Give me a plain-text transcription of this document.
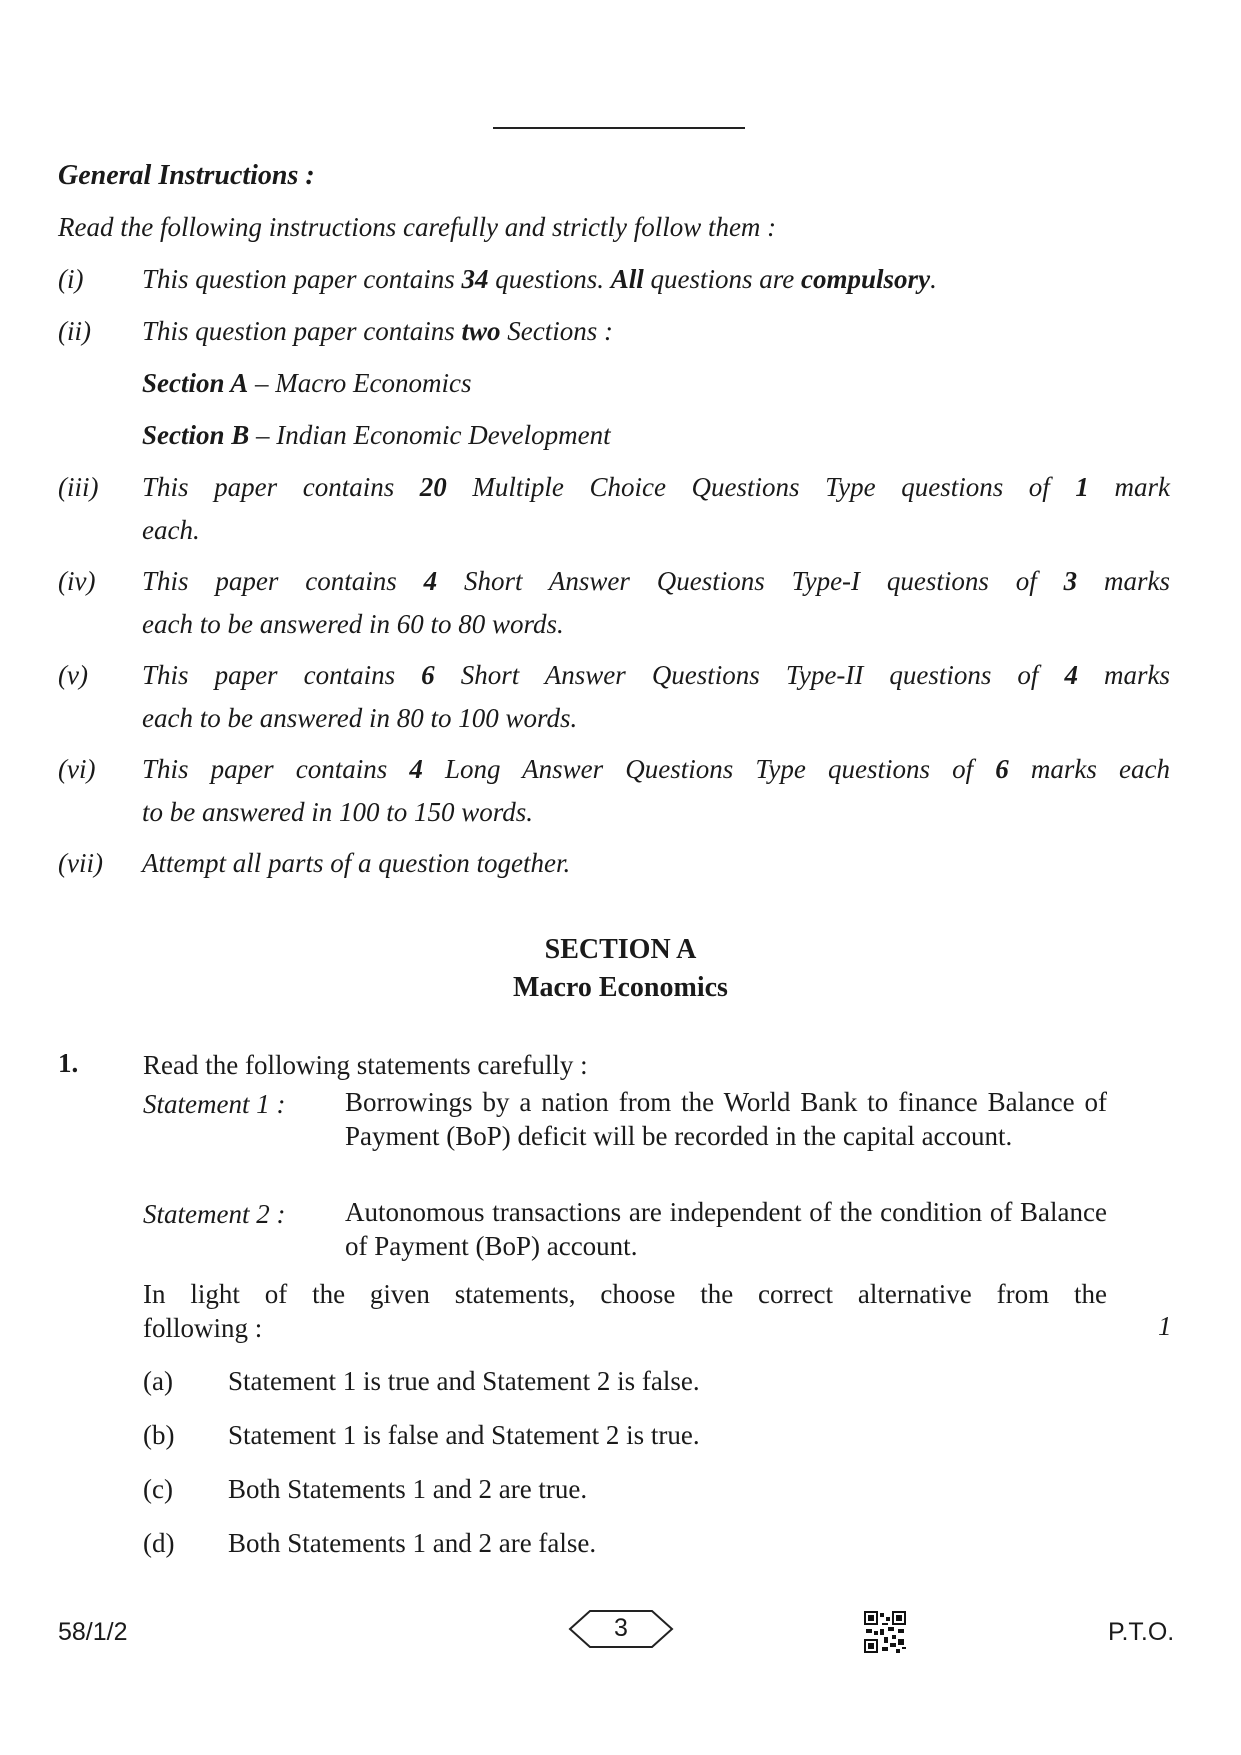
General Instructions :
Read the following instructions carefully and strictly follow them :
(i) This question paper contains 34 questions. All questions are compulsory.
(ii) This question paper contains two Sections :
Section A – Macro Economics
Section B – Indian Economic Development
(iii) This paper contains 20 Multiple Choice Questions Type questions of 1 mark
each.
(iv) This paper contains 4 Short Answer Questions Type-I questions of 3 marks
each to be answered in 60 to 80 words.
(v) This paper contains 6 Short Answer Questions Type-II questions of 4 marks
each to be answered in 80 to 100 words.
(vi) This paper contains 4 Long Answer Questions Type questions of 6 marks each
to be answered in 100 to 150 words.
(vii) Attempt all parts of a question together.
SECTION A
Macro Economics
1. Read the following statements carefully :
Statement 1 : Borrowings by a nation from the World Bank to finance Balance of Payment (BoP) deficit will be recorded in the capital account.
Statement 2 : Autonomous transactions are independent of the condition of Balance of Payment (BoP) account.
In light of the given statements, choose the correct alternative from the
following :	1
(a) Statement 1 is true and Statement 2 is false.
(b) Statement 1 is false and Statement 2 is true.
(c) Both Statements 1 and 2 are true.
(d) Both Statements 1 and 2 are false.
58/1/2	3	P.T.O.
